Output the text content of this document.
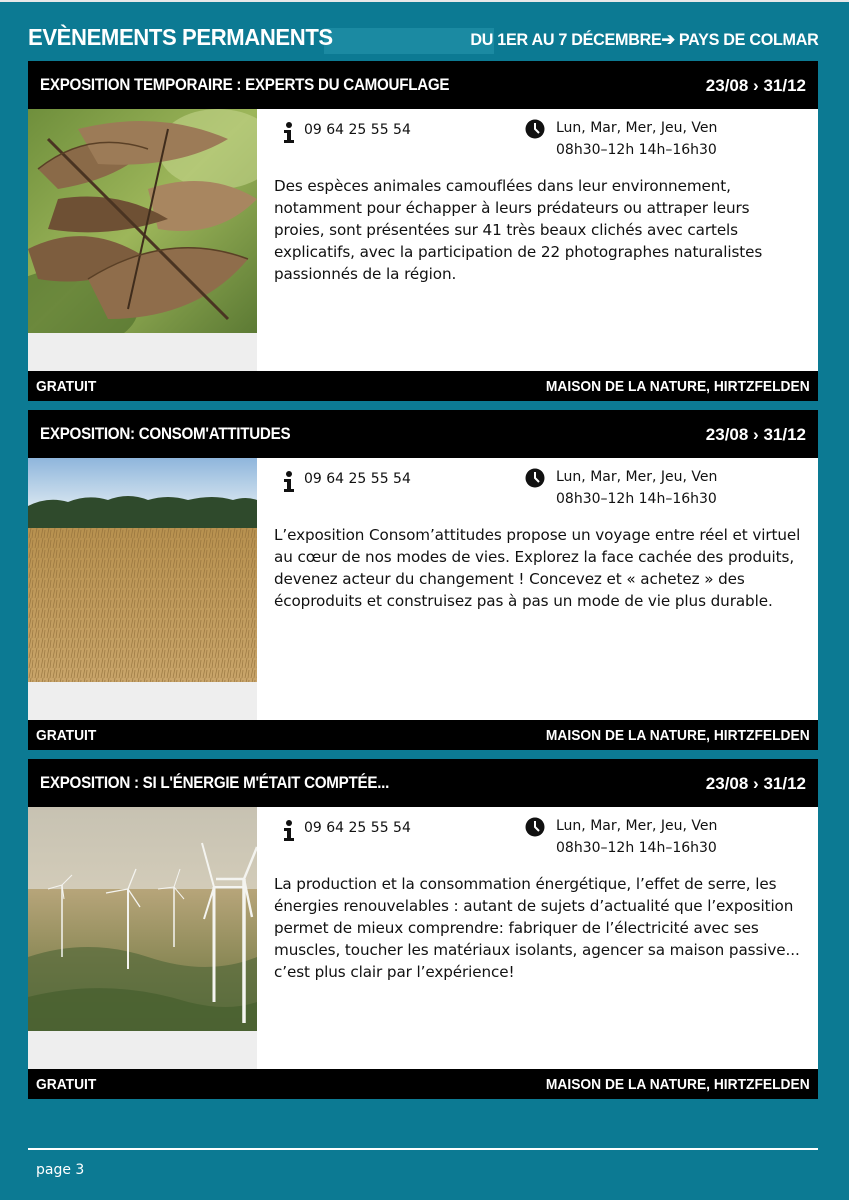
EVÈNEMENTS PERMANENTS	DU 1ER AU 7 DÉCEMBRE➔ PAYS DE COLMAR
EXPOSITION TEMPORAIRE : EXPERTS DU CAMOUFLAGE	23/08 › 31/12
09 64 25 55 54	Lun, Mar, Mer, Jeu, Ven
08h30–12h 14h–16h30
Des espèces animales camouflées dans leur environnement, notamment pour échapper à leurs prédateurs ou attraper leurs proies, sont présentées sur 41 très beaux clichés avec cartels explicatifs, avec la participation de 22 photographes naturalistes passionnés de la région.
GRATUIT	MAISON DE LA NATURE, HIRTZFELDEN
EXPOSITION: CONSOM'ATTITUDES	23/08 › 31/12
09 64 25 55 54	Lun, Mar, Mer, Jeu, Ven
08h30–12h 14h–16h30
L’exposition Consom’attitudes propose un voyage entre réel et virtuel au cœur de nos modes de vies. Explorez la face cachée des produits, devenez acteur du changement ! Concevez et « achetez » des écoproduits et construisez pas à pas un mode de vie plus durable.
GRATUIT	MAISON DE LA NATURE, HIRTZFELDEN
EXPOSITION : SI L'ÉNERGIE M'ÉTAIT COMPTÉE...	23/08 › 31/12
09 64 25 55 54	Lun, Mar, Mer, Jeu, Ven
08h30–12h 14h–16h30
La production et la consommation énergétique, l’effet de serre, les énergies renouvelables : autant de sujets d’actualité que l’exposition permet de mieux comprendre: fabriquer de l’électricité avec ses muscles, toucher les matériaux isolants, agencer sa maison passive... c’est plus clair par l’expérience!
GRATUIT	MAISON DE LA NATURE, HIRTZFELDEN
page 3
